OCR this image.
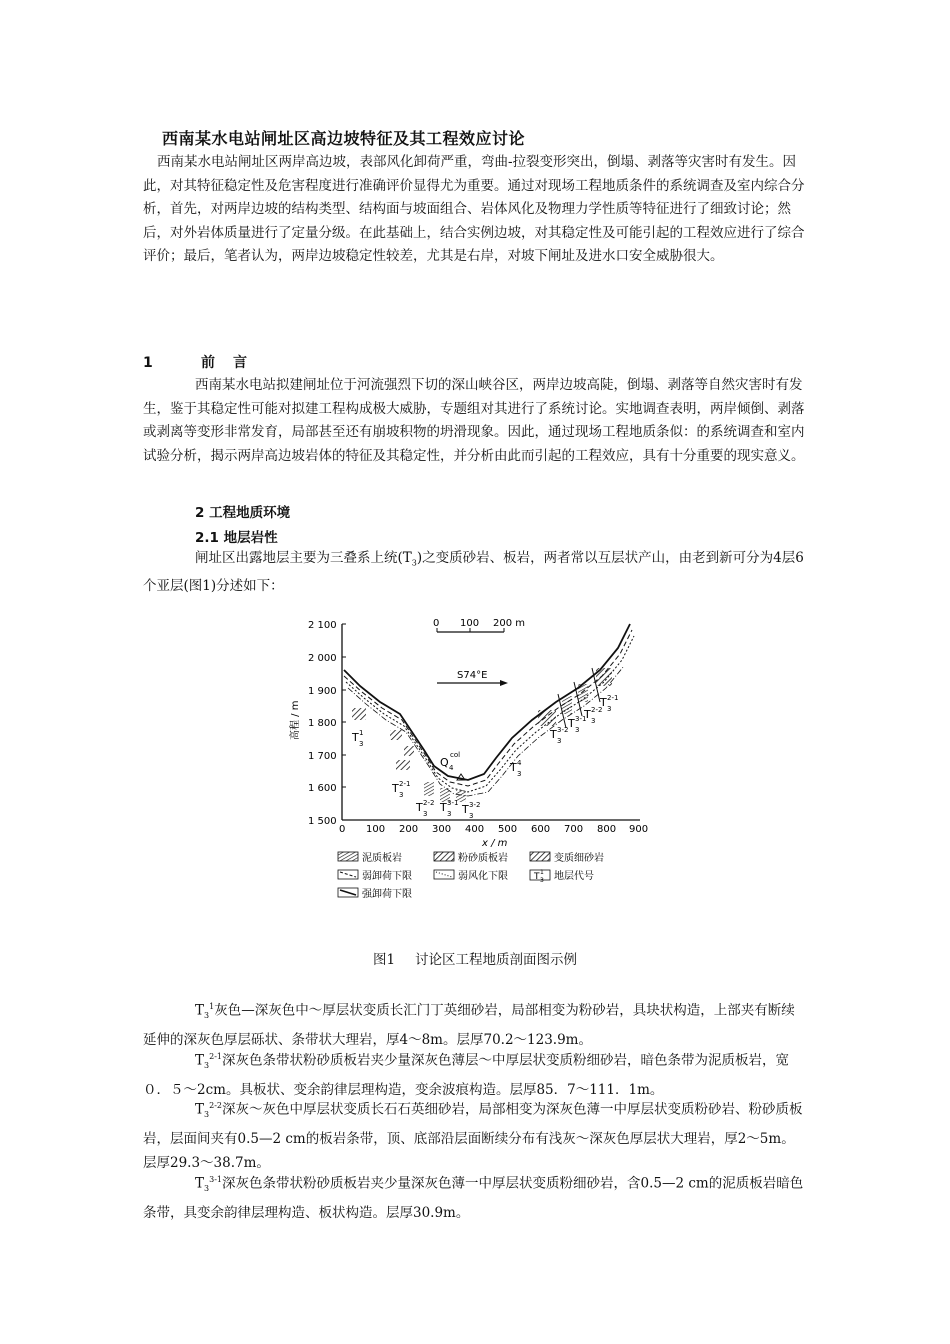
西南某水电站闸址区高边坡特征及其工程效应讨论

西南某水电站闸址区两岸高边坡，表部风化卸荷严重，弯曲-拉裂变形突出，倒塌、剥落等灾害时有发生。因此，对其特征稳定性及危害程度进行准确评价显得尤为重要。通过对现场工程地质条件的系统调查及室内综合分析，首先，对两岸边坡的结构类型、结构面与坡面组合、岩体风化及物理力学性质等特征进行了细致讨论；然后，对外岩体质量进行了定量分级。在此基础上，结合实例边坡，对其稳定性及可能引起的工程效应进行了综合评价；最后，笔者认为，两岸边坡稳定性较差，尤其是右岸，对坡下闸址及进水口安全威胁很大。

1	前言

西南某水电站拟建闸址位于河流强烈下切的深山峡谷区，两岸边坡高陡，倒塌、剥落等自然灾害时有发生，鉴于其稳定性可能对拟建工程构成极大威胁，专题组对其进行了系统讨论。实地调查表明，两岸倾倒、剥落或剥离等变形非常发育，局部甚至还有崩坡积物的坍滑现象。因此，通过现场工程地质条似：的系统调查和室内试验分析，揭示两岸高边坡岩体的特征及其稳定性，并分析由此而引起的工程效应，具有十分重要的现实意义。

2 工程地质环境
2.1 地层岩性

闸址区出露地层主要为三叠系上统$(T_3)$之变质砂岩、板岩，两者常以互层状产山，由老到新可分为4层6个亚层(图1)分述如下：

0 100 200 m
S74°E
2 100
2 000
1 900
1 800
1 700
1 600
1 500
高程 / m
0 100 200 300 400 500 600 700 800 900
x / m
Q 4
col
T 3
1
T 3
2-1
T 3
2-2 T 3
3-1 T 3
3-2
T 3
4
T 3
3-2 T 3
3-1
T 3
2-2
T 3
2-1
泥质板岩	粉砂质板岩	变质细砂岩
弱卸荷下限	弱风化下限	T 3
1 地层代号
强卸荷下限
图1 讨论区工程地质剖面图示例

$T_3^1$灰色—深灰色中～厚层状变质长汇门丁英细砂岩，局部相变为粉砂岩，具块状构造，上部夹有断续延伸的深灰色厚层砾状、条带状大理岩，厚4～8m。层厚70.2～123.9m。

$T_3^{2-1}$深灰色条带状粉砂质板岩夹少量深灰色薄层～中厚层状变质粉细砂岩，暗色条带为泥质板岩，宽０．５～2cm。具板状、变余韵律层理构造，变余波痕构造。层厚85．7～111．1m。

$T_3^{2-2}$深灰～灰色中厚层状变质长石石英细砂岩，局部相变为深灰色薄一中厚层状变质粉砂岩、粉砂质板岩，层面间夹有0.5—2 cm的板岩条带，顶、底部沿层面断续分布有浅灰～深灰色厚层状大理岩，厚2～5m。层厚29.3～38.7m。

$T_3^{3-1}$深灰色条带状粉砂质板岩夹少量深灰色薄一中厚层状变质粉细砂岩，含0.5—2 cm的泥质板岩暗色条带，具变余韵律层理构造、板状构造。层厚30.9m。
